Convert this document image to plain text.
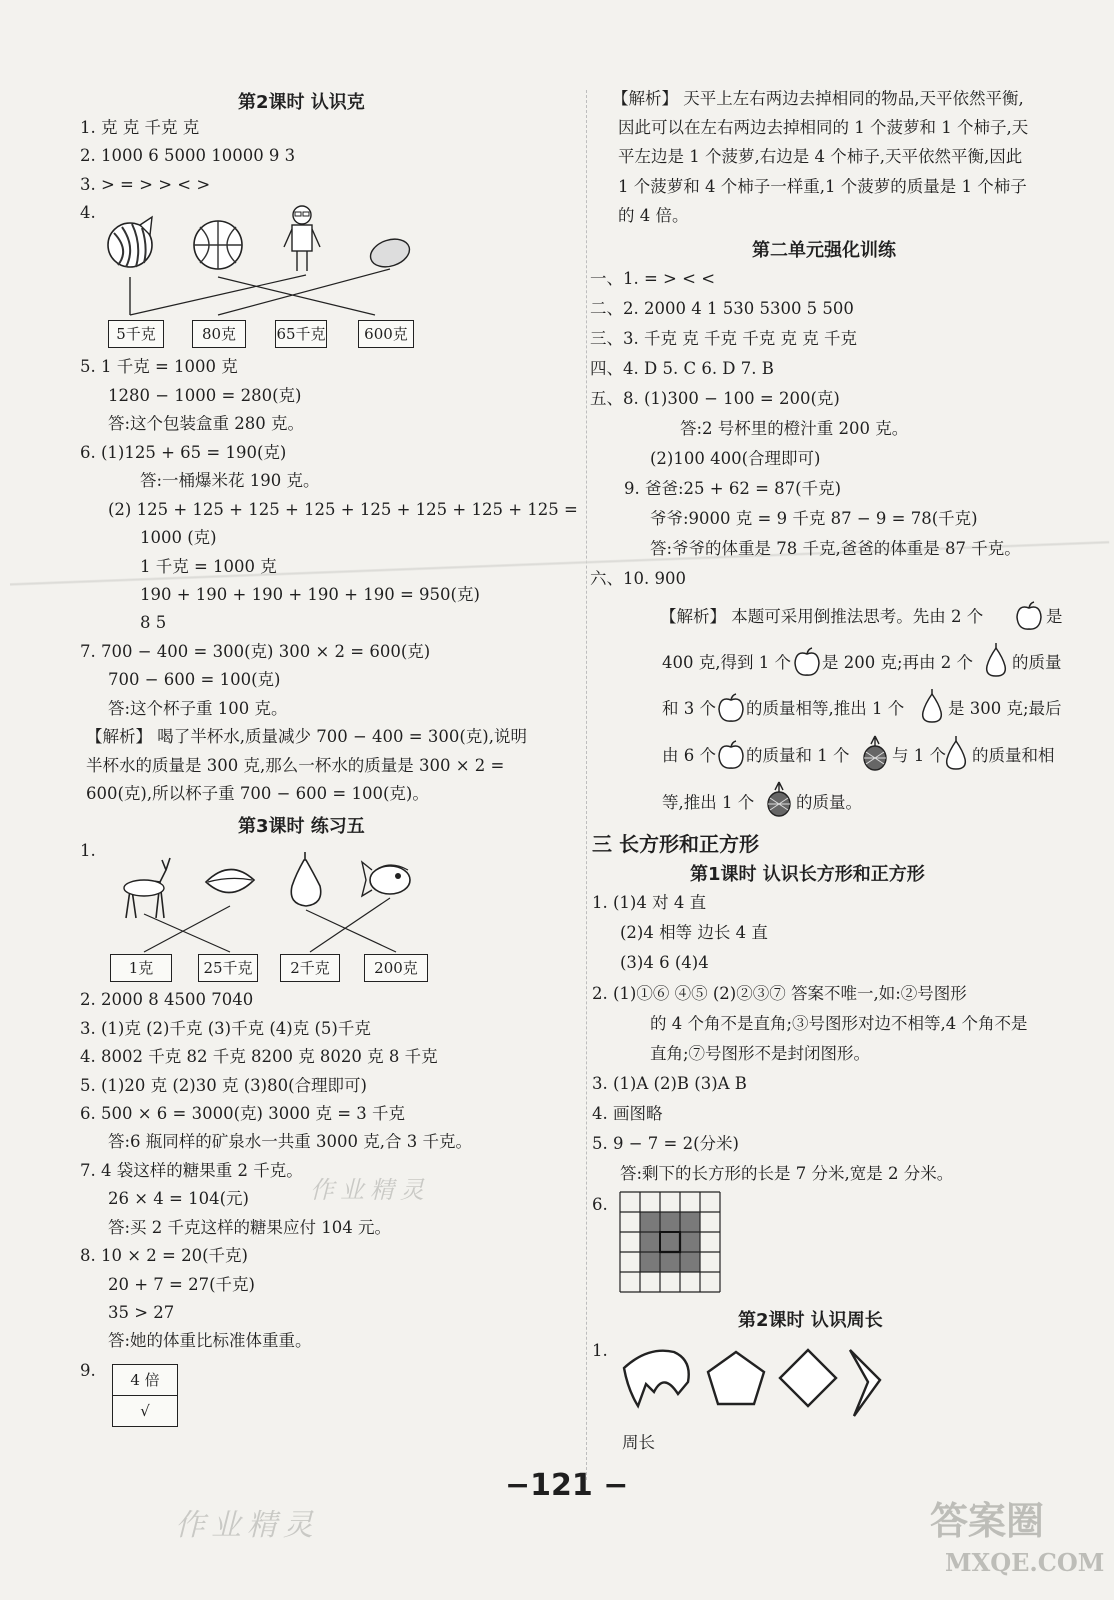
第2课时 认识克
1. 克 克 千克 克
2. 1000 6 5000 10000 9 3
3. > = > > < >
4.
5千克	80克	65千克	600克
5. 1 千克 = 1000 克
1280 − 1000 = 280(克)
答:这个包装盒重 280 克。
6. (1)125 + 65 = 190(克)
答:一桶爆米花 190 克。
(2) 125 + 125 + 125 + 125 + 125 + 125 + 125 + 125 =
1000 (克)
1 千克 = 1000 克
190 + 190 + 190 + 190 + 190 = 950(克)
8 5
7. 700 − 400 = 300(克) 300 × 2 = 600(克)
700 − 600 = 100(克)
答:这个杯子重 100 克。
【解析】 喝了半杯水,质量减少 700 − 400 = 300(克),说明
半杯水的质量是 300 克,那么一杯水的质量是 300 × 2 =
600(克),所以杯子重 700 − 600 = 100(克)。
第3课时 练习五
1.
1克	25千克	2千克	200克
2. 2000 8 4500 7040
3. (1)克 (2)千克 (3)千克 (4)克 (5)千克
4. 8002 千克 82 千克 8200 克 8020 克 8 千克
5. (1)20 克 (2)30 克 (3)80(合理即可)
6. 500 × 6 = 3000(克) 3000 克 = 3 千克
答:6 瓶同样的矿泉水一共重 3000 克,合 3 千克。
7. 4 袋这样的糖果重 2 千克。
26 × 4 = 104(元)
答:买 2 千克这样的糖果应付 104 元。
8. 10 × 2 = 20(千克)
20 + 7 = 27(千克)
35 > 27
答:她的体重比标准体重重。
9.	4 倍
√
【解析】 天平上左右两边去掉相同的物品,天平依然平衡,
因此可以在左右两边去掉相同的 1 个菠萝和 1 个柿子,天
平左边是 1 个菠萝,右边是 4 个柿子,天平依然平衡,因此
1 个菠萝和 4 个柿子一样重,1 个菠萝的质量是 1 个柿子
的 4 倍。
第二单元强化训练
一、1. = > < <
二、2. 2000 4 1 530 5300 5 500
三、3. 千克 克 千克 千克 克 克 千克
四、4. D 5. C 6. D 7. B
五、8. (1)300 − 100 = 200(克)
答:2 号杯里的橙汁重 200 克。
(2)100 400(合理即可)
9. 爸爸:25 + 62 = 87(千克)
爷爷:9000 克 = 9 千克 87 − 9 = 78(千克)
答:爷爷的体重是 78 千克,爸爸的体重是 87 千克。
六、10. 900
【解析】 本题可采用倒推法思考。先由 2 个	是
400 克,得到 1 个 是 200 克;再由 2 个 的质量
和 3 个 的质量相等,推出 1 个	是 300 克;最后
由 6 个 的质量和 1 个	与 1 个 的质量和相
等,推出 1 个	的质量。
三 长方形和正方形
第1课时 认识长方形和正方形
1. (1)4 对 4 直
(2)4 相等 边长 4 直
(3)4 6 (4)4
2. (1)①⑥ ④⑤ (2)②③⑦ 答案不唯一,如:②号图形
的 4 个角不是直角;③号图形对边不相等,4 个角不是
直角;⑦号图形不是封闭图形。
3. (1)A (2)B (3)A B
4. 画图略
5. 9 − 7 = 2(分米)
答:剩下的长方形的长是 7 分米,宽是 2 分米。
6.
第2课时 认识周长
1.
周长
−121 −
作业精灵
作业精灵	答案圈
MXQE.COM
